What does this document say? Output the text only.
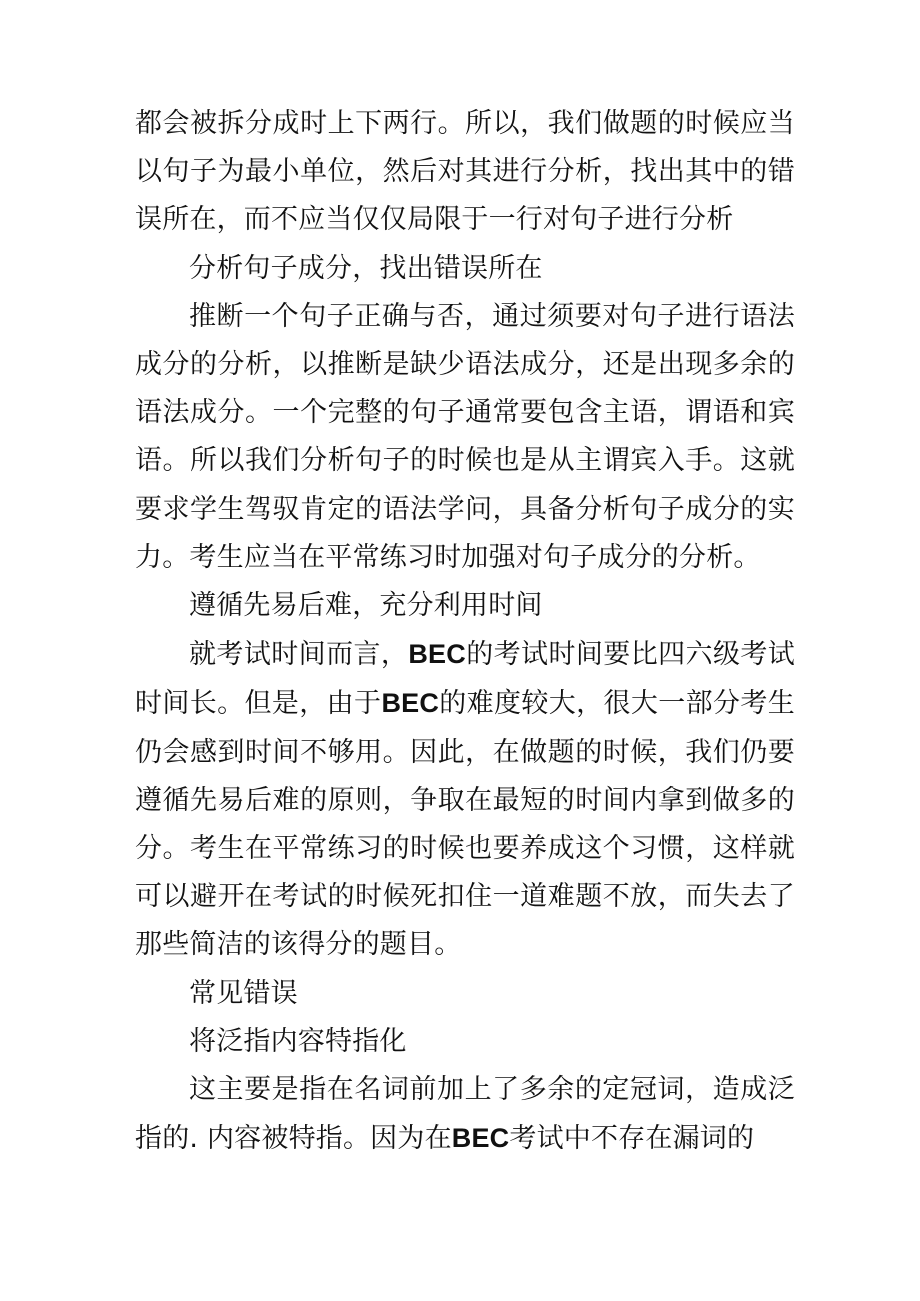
都会被拆分成时上下两行。所以，我们做题的时候应当以句子为最小单位，然后对其进行分析，找出其中的错误所在，而不应当仅仅局限于一行对句子进行分析

分析句子成分，找出错误所在

推断一个句子正确与否，通过须要对句子进行语法成分的分析，以推断是缺少语法成分，还是出现多余的语法成分。一个完整的句子通常要包含主语，谓语和宾语。所以我们分析句子的时候也是从主谓宾入手。这就要求学生驾驭肯定的语法学问，具备分析句子成分的实力。考生应当在平常练习时加强对句子成分的分析。

遵循先易后难，充分利用时间

就考试时间而言，BEC的考试时间要比四六级考试时间长。但是，由于BEC的难度较大，很大一部分考生仍会感到时间不够用。因此，在做题的时候，我们仍要遵循先易后难的原则，争取在最短的时间内拿到做多的分。考生在平常练习的时候也要养成这个习惯，这样就可以避开在考试的时候死扣住一道难题不放，而失去了那些简洁的该得分的题目。

常见错误

将泛指内容特指化

这主要是指在名词前加上了多余的定冠词，造成泛指的. 内容被特指。因为在BEC考试中不存在漏词的
